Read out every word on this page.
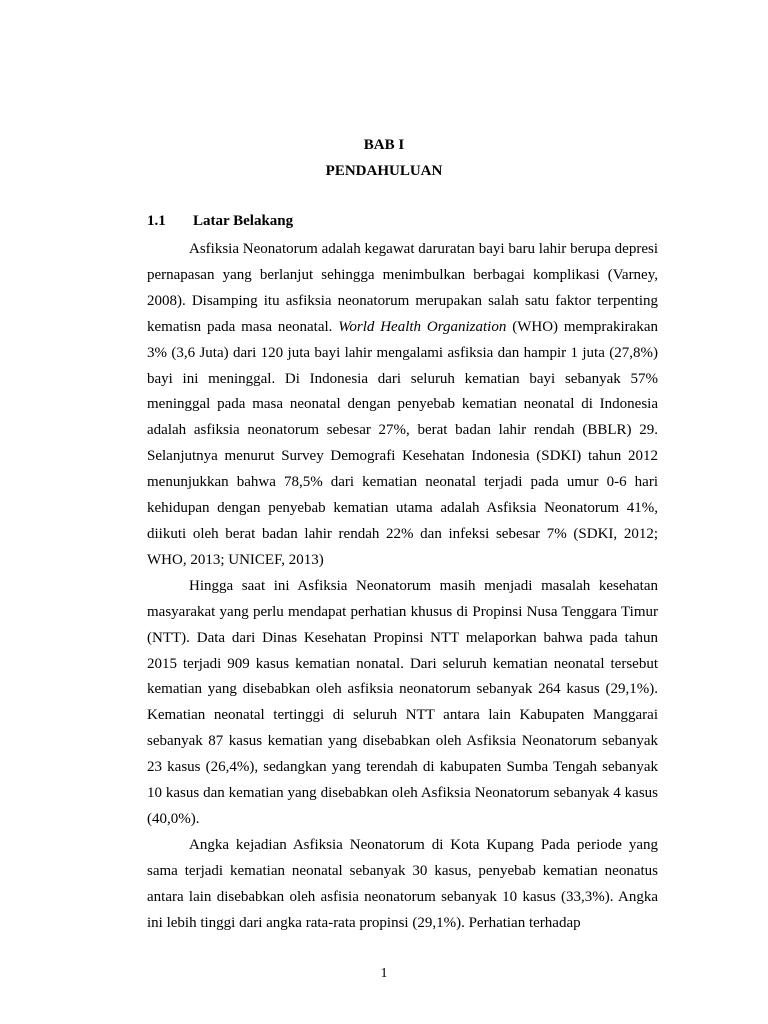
BAB I
PENDAHULUAN
1.1 Latar Belakang

Asfiksia Neonatorum adalah kegawat daruratan bayi baru lahir berupa depresi pernapasan yang berlanjut sehingga menimbulkan berbagai komplikasi (Varney, 2008). Disamping itu asfiksia neonatorum merupakan salah satu faktor terpenting kematisn pada masa neonatal. World Health Organization (WHO) memprakirakan 3% (3,6 Juta) dari 120 juta bayi lahir mengalami asfiksia dan hampir 1 juta (27,8%) bayi ini meninggal. Di Indonesia dari seluruh kematian bayi sebanyak 57% meninggal pada masa neonatal dengan penyebab kematian neonatal di Indonesia adalah asfiksia neonatorum sebesar 27%, berat badan lahir rendah (BBLR) 29. Selanjutnya menurut Survey Demografi Kesehatan Indonesia (SDKI) tahun 2012 menunjukkan bahwa 78,5% dari kematian neonatal terjadi pada umur 0-6 hari kehidupan dengan penyebab kematian utama adalah Asfiksia Neonatorum 41%, diikuti oleh berat badan lahir rendah 22% dan infeksi sebesar 7% (SDKI, 2012; WHO, 2013; UNICEF, 2013)

Hingga saat ini Asfiksia Neonatorum masih menjadi masalah kesehatan masyarakat yang perlu mendapat perhatian khusus di Propinsi Nusa Tenggara Timur (NTT). Data dari Dinas Kesehatan Propinsi NTT melaporkan bahwa pada tahun 2015 terjadi 909 kasus kematian nonatal. Dari seluruh kematian neonatal tersebut kematian yang disebabkan oleh asfiksia neonatorum sebanyak 264 kasus (29,1%). Kematian neonatal tertinggi di seluruh NTT antara lain Kabupaten Manggarai sebanyak 87 kasus kematian yang disebabkan oleh Asfiksia Neonatorum sebanyak 23 kasus (26,4%), sedangkan yang terendah di kabupaten Sumba Tengah sebanyak 10 kasus dan kematian yang disebabkan oleh Asfiksia Neonatorum sebanyak 4 kasus (40,0%).

Angka kejadian Asfiksia Neonatorum di Kota Kupang Pada periode yang sama terjadi kematian neonatal sebanyak 30 kasus, penyebab kematian neonatus antara lain disebabkan oleh asfisia neonatorum sebanyak 10 kasus (33,3%). Angka ini lebih tinggi dari angka rata-rata propinsi (29,1%). Perhatian terhadap

1
